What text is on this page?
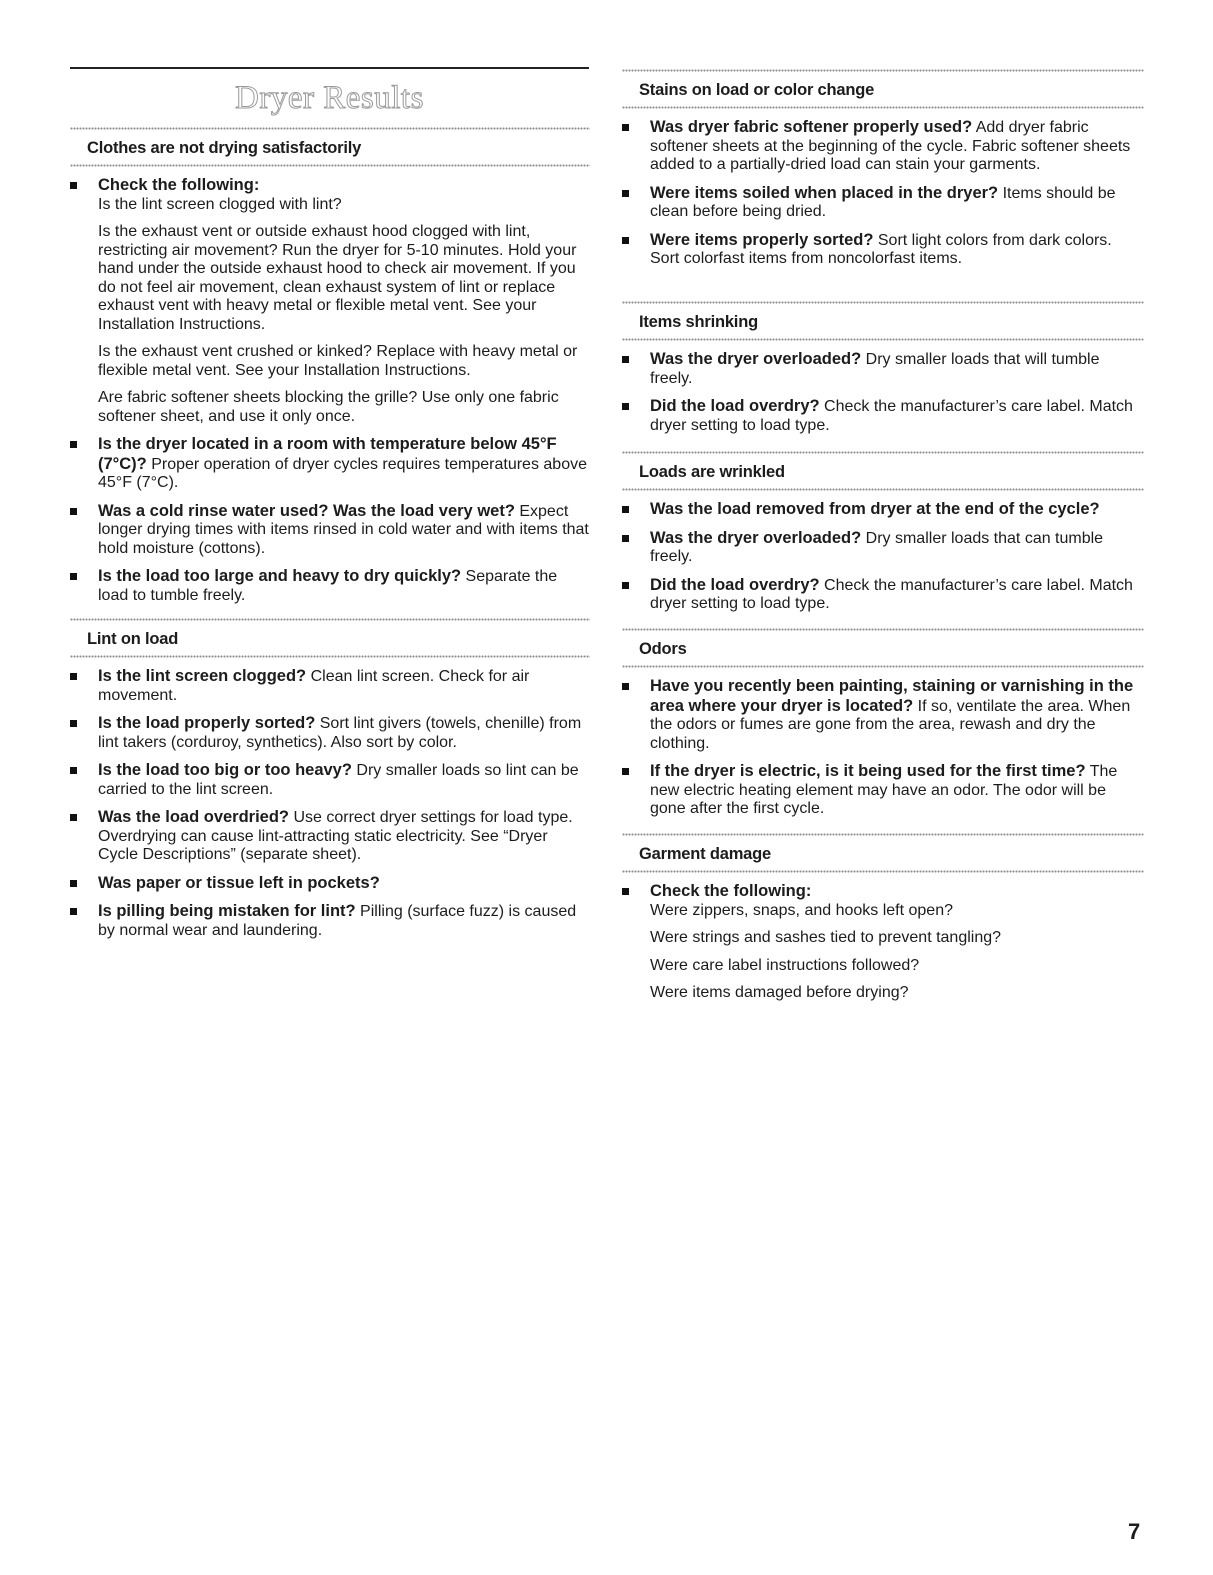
Dryer Results
Clothes are not drying satisfactorily
Check the following:
Is the lint screen clogged with lint?
Is the exhaust vent or outside exhaust hood clogged with lint, restricting air movement? Run the dryer for 5-10 minutes. Hold your hand under the outside exhaust hood to check air movement. If you do not feel air movement, clean exhaust system of lint or replace exhaust vent with heavy metal or flexible metal vent. See your Installation Instructions.
Is the exhaust vent crushed or kinked? Replace with heavy metal or flexible metal vent. See your Installation Instructions.
Are fabric softener sheets blocking the grille? Use only one fabric softener sheet, and use it only once.
Is the dryer located in a room with temperature below 45°F (7°C)? Proper operation of dryer cycles requires temperatures above 45°F (7°C).
Was a cold rinse water used? Was the load very wet? Expect longer drying times with items rinsed in cold water and with items that hold moisture (cottons).
Is the load too large and heavy to dry quickly? Separate the load to tumble freely.
Lint on load
Is the lint screen clogged? Clean lint screen. Check for air movement.
Is the load properly sorted? Sort lint givers (towels, chenille) from lint takers (corduroy, synthetics). Also sort by color.
Is the load too big or too heavy? Dry smaller loads so lint can be carried to the lint screen.
Was the load overdried? Use correct dryer settings for load type. Overdrying can cause lint-attracting static electricity. See “Dryer Cycle Descriptions” (separate sheet).
Was paper or tissue left in pockets?
Is pilling being mistaken for lint? Pilling (surface fuzz) is caused by normal wear and laundering.
Stains on load or color change
Was dryer fabric softener properly used? Add dryer fabric softener sheets at the beginning of the cycle. Fabric softener sheets added to a partially-dried load can stain your garments.
Were items soiled when placed in the dryer? Items should be clean before being dried.
Were items properly sorted? Sort light colors from dark colors. Sort colorfast items from noncolorfast items.
Items shrinking
Was the dryer overloaded? Dry smaller loads that will tumble freely.
Did the load overdry? Check the manufacturer’s care label. Match dryer setting to load type.
Loads are wrinkled
Was the load removed from dryer at the end of the cycle?
Was the dryer overloaded? Dry smaller loads that can tumble freely.
Did the load overdry? Check the manufacturer’s care label. Match dryer setting to load type.
Odors
Have you recently been painting, staining or varnishing in the area where your dryer is located? If so, ventilate the area. When the odors or fumes are gone from the area, rewash and dry the clothing.
If the dryer is electric, is it being used for the first time? The new electric heating element may have an odor. The odor will be gone after the first cycle.
Garment damage
Check the following:
Were zippers, snaps, and hooks left open?
Were strings and sashes tied to prevent tangling?
Were care label instructions followed?
Were items damaged before drying?
7
